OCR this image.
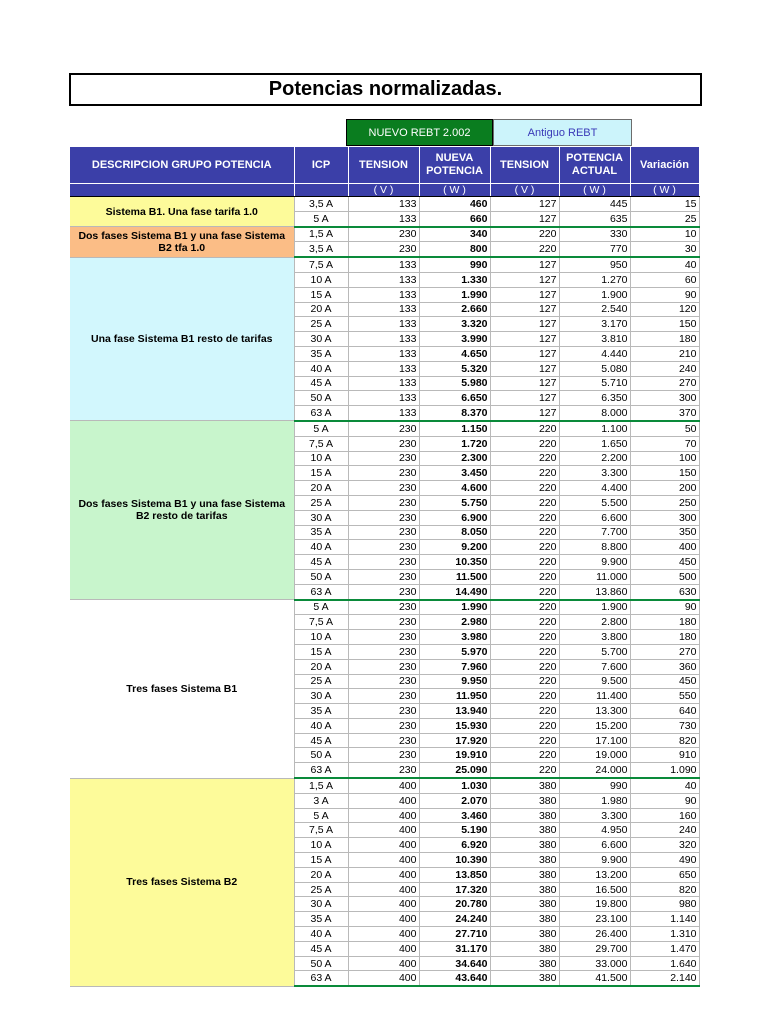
Potencias normalizadas.
NUEVO REBT 2.002	Antiguo REBT
DESCRIPCION GRUPO POTENCIA	ICP	TENSION	NUEVA POTENCIA	TENSION	POTENCIA ACTUAL	Variación
		( V )	( W )	( V )	( W )	( W )
Sistema B1. Una fase tarifa 1.0	3,5 A	133	460	127	445	15
	5 A	133	660	127	635	25
Dos fases Sistema B1 y una fase Sistema B2 tfa 1.0	1,5 A	230	340	220	330	10
	3,5 A	230	800	220	770	30
Una fase Sistema B1 resto de tarifas	7,5 A	133	990	127	950	40
	10 A	133	1.330	127	1.270	60
	15 A	133	1.990	127	1.900	90
	20 A	133	2.660	127	2.540	120
	25 A	133	3.320	127	3.170	150
	30 A	133	3.990	127	3.810	180
	35 A	133	4.650	127	4.440	210
	40 A	133	5.320	127	5.080	240
	45 A	133	5.980	127	5.710	270
	50 A	133	6.650	127	6.350	300
	63 A	133	8.370	127	8.000	370
Dos fases Sistema B1 y una fase Sistema B2 resto de tarifas	5 A	230	1.150	220	1.100	50
	7,5 A	230	1.720	220	1.650	70
	10 A	230	2.300	220	2.200	100
	15 A	230	3.450	220	3.300	150
	20 A	230	4.600	220	4.400	200
	25 A	230	5.750	220	5.500	250
	30 A	230	6.900	220	6.600	300
	35 A	230	8.050	220	7.700	350
	40 A	230	9.200	220	8.800	400
	45 A	230	10.350	220	9.900	450
	50 A	230	11.500	220	11.000	500
	63 A	230	14.490	220	13.860	630
Tres fases Sistema B1	5 A	230	1.990	220	1.900	90
	7,5 A	230	2.980	220	2.800	180
	10 A	230	3.980	220	3.800	180
	15 A	230	5.970	220	5.700	270
	20 A	230	7.960	220	7.600	360
	25 A	230	9.950	220	9.500	450
	30 A	230	11.950	220	11.400	550
	35 A	230	13.940	220	13.300	640
	40 A	230	15.930	220	15.200	730
	45 A	230	17.920	220	17.100	820
	50 A	230	19.910	220	19.000	910
	63 A	230	25.090	220	24.000	1.090
Tres fases Sistema B2	1,5 A	400	1.030	380	990	40
	3 A	400	2.070	380	1.980	90
	5 A	400	3.460	380	3.300	160
	7,5 A	400	5.190	380	4.950	240
	10 A	400	6.920	380	6.600	320
	15 A	400	10.390	380	9.900	490
	20 A	400	13.850	380	13.200	650
	25 A	400	17.320	380	16.500	820
	30 A	400	20.780	380	19.800	980
	35 A	400	24.240	380	23.100	1.140
	40 A	400	27.710	380	26.400	1.310
	45 A	400	31.170	380	29.700	1.470
	50 A	400	34.640	380	33.000	1.640
	63 A	400	43.640	380	41.500	2.140
